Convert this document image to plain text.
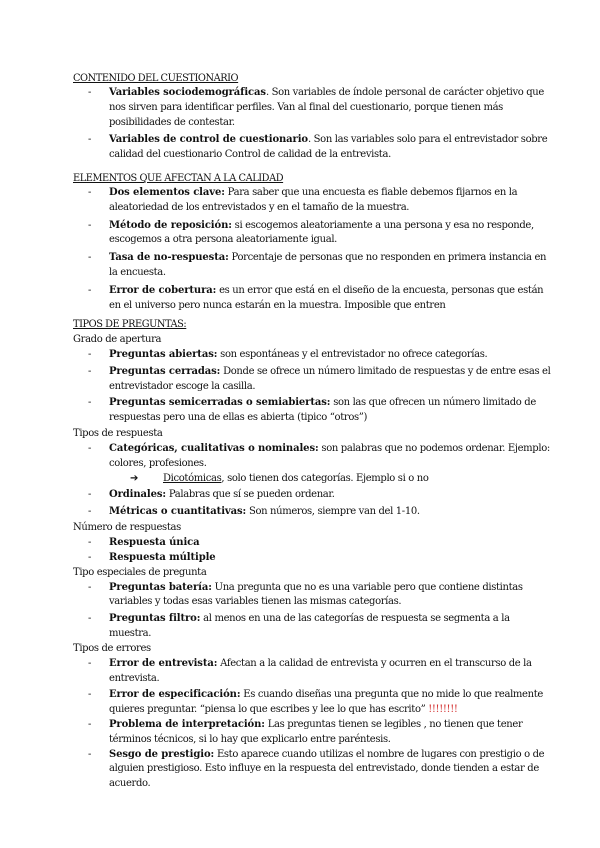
CONTENIDO DEL CUESTIONARIO
-	Variables sociodemográficas. Son variables de índole personal de carácter objetivo que nos sirven para identificar perfiles. Van al final del cuestionario, porque tienen más posibilidades de contestar.
-	Variables de control de cuestionario. Son las variables solo para el entrevistador sobre calidad del cuestionario Control de calidad de la entrevista.
ELEMENTOS QUE AFECTAN A LA CALIDAD
-	Dos elementos clave: Para saber que una encuesta es fiable debemos fijarnos en la aleatoriedad de los entrevistados y en el tamaño de la muestra.
-	Método de reposición: si escogemos aleatoriamente a una persona y esa no responde, escogemos a otra persona aleatoriamente igual.
-	Tasa de no-respuesta: Porcentaje de personas que no responden en primera instancia en la encuesta.
-	Error de cobertura: es un error que está en el diseño de la encuesta, personas que están en el universo pero nunca estarán en la muestra. Imposible que entren
TIPOS DE PREGUNTAS:
Grado de apertura
-	Preguntas abiertas: son espontáneas y el entrevistador no ofrece categorías.
-	Preguntas cerradas: Donde se ofrece un número limitado de respuestas y de entre esas el entrevistador escoge la casilla.
-	Preguntas semicerradas o semiabiertas: son las que ofrecen un número limitado de respuestas pero una de ellas es abierta (tipico “otros”)
Tipos de respuesta
-	Categóricas, cualitativas o nominales: son palabras que no podemos ordenar. Ejemplo: colores, profesiones.
➔	Dicotómicas, solo tienen dos categorías. Ejemplo si o no
-	Ordinales: Palabras que sí se pueden ordenar.
-	Métricas o cuantitativas: Son números, siempre van del 1-10.
Número de respuestas
-	Respuesta única
-	Respuesta múltiple
Tipo especiales de pregunta
-	Preguntas batería: Una pregunta que no es una variable pero que contiene distintas variables y todas esas variables tienen las mismas categorías.
-	Preguntas filtro: al menos en una de las categorías de respuesta se segmenta a la muestra.
Tipos de errores
-	Error de entrevista: Afectan a la calidad de entrevista y ocurren en el transcurso de la entrevista.
-	Error de especificación: Es cuando diseñas una pregunta que no mide lo que realmente quieres preguntar. “piensa lo que escribes y lee lo que has escrito” !!!!!!!!
-	Problema de interpretación: Las preguntas tienen se legibles , no tienen que tener términos técnicos, si lo hay que explicarlo entre paréntesis.
-	Sesgo de prestigio: Esto aparece cuando utilizas el nombre de lugares con prestigio o de alguien prestigioso. Esto influye en la respuesta del entrevistado, donde tienden a estar de acuerdo.
